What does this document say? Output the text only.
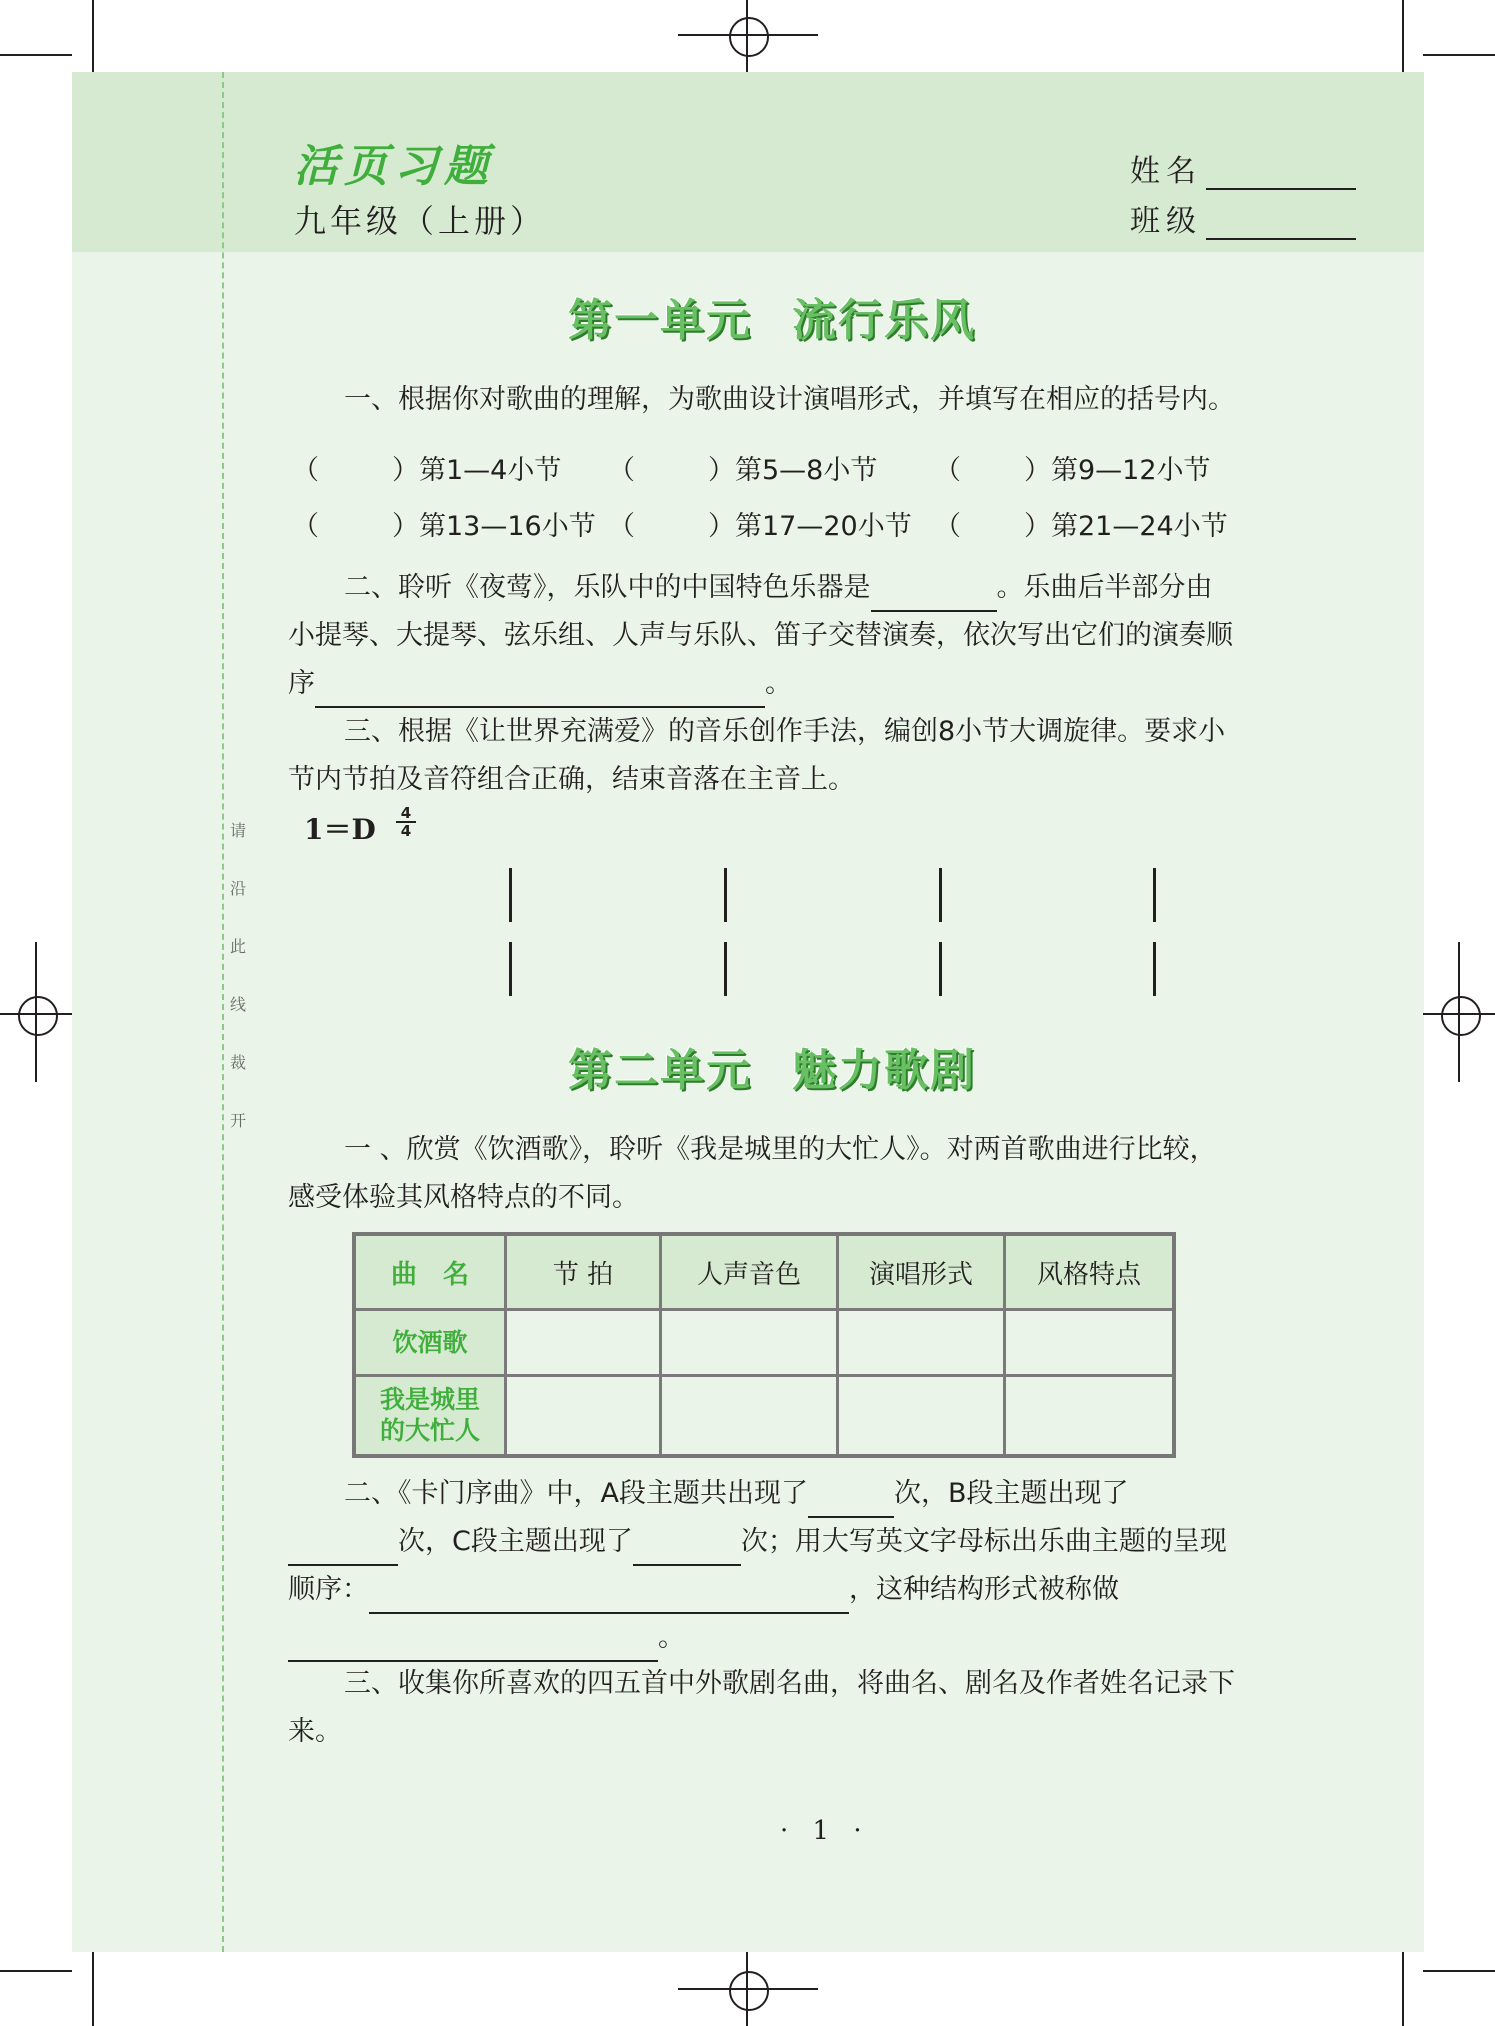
请
沿
此
线
裁
开
活页习题
九年级（上册）
姓名
班级
第一单元 流行乐风
一、根据你对歌曲的理解，为歌曲设计演唱形式，并填写在相应的括号内。
（	）第1—4小节 （	）第5—8小节 （ ）第9—12小节
（	）第13—16小节 （	）第17—20小节 （ ）第21—24小节
二、聆听《夜莺》，乐队中的中国特色乐器是	。乐曲后半部分由小提琴、大提琴、弦乐组、人声与乐队、笛子交替演奏，依次写出它们的演奏顺序	。
三、根据《让世界充满爱》的音乐创作手法，编创8小节大调旋律。要求小节内节拍及音符组合正确，结束音落在主音上。
1＝D	4
4
第二单元 魅力歌剧
一 、欣赏《饮酒歌》，聆听《我是城里的大忙人》。对两首歌曲进行比较，感受体验其风格特点的不同。
曲　名	节 拍	人声音色	演唱形式	风格特点
饮酒歌				
我是城里的大忙人				
二、《卡门序曲》中，A段主题共出现了	次，B段主题出现了次，C段主题出现了	次；用大写英文字母标出乐曲主题的呈现顺序：	，这种结构形式被称做。
三、收集你所喜欢的四五首中外歌剧名曲，将曲名、剧名及作者姓名记录下来。
· 1 ·
